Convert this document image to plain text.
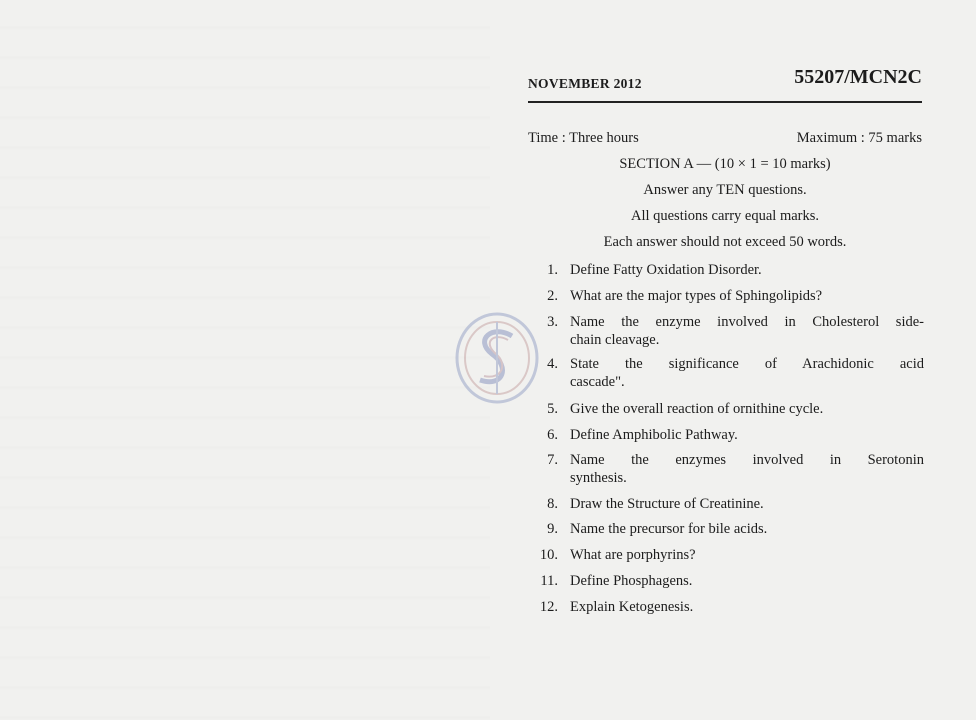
NOVEMBER 2012	55207/MCN2C
Time : Three hours	Maximum : 75 marks
SECTION A — (10 × 1 = 10 marks)
Answer any TEN questions.
All questions carry equal marks.
Each answer should not exceed 50 words.
1. Define Fatty Oxidation Disorder.
2. What are the major types of Sphingolipids?
3. Name the enzyme involved in Cholesterol side-
chain cleavage.
4. State the significance of Arachidonic acid
cascade".
5. Give the overall reaction of ornithine cycle.
6. Define Amphibolic Pathway.
7. Name the enzymes involved in Serotonin
synthesis.
8. Draw the Structure of Creatinine.
9. Name the precursor for bile acids.
10. What are porphyrins?
11. Define Phosphagens.
12. Explain Ketogenesis.
